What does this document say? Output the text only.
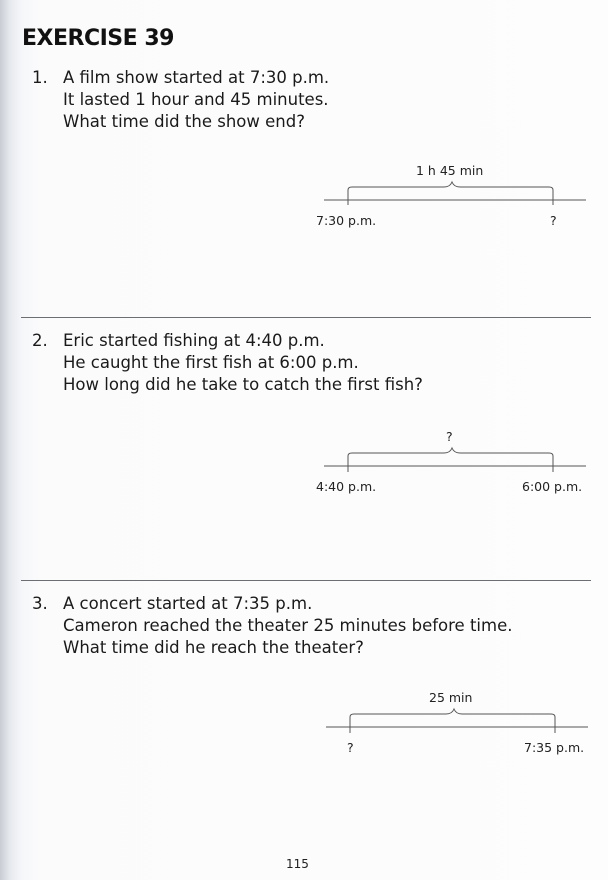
EXERCISE 39
1. A film show started at 7:30 p.m.
It lasted 1 hour and 45 minutes.
What time did the show end?
1 h 45 min
7:30 p.m.	?
2. Eric started fishing at 4:40 p.m.
He caught the first fish at 6:00 p.m.
How long did he take to catch the first fish?
?
4:40 p.m.	6:00 p.m.
3. A concert started at 7:35 p.m.
Cameron reached the theater 25 minutes before time.
What time did he reach the theater?
25 min
?	7:35 p.m.
115
